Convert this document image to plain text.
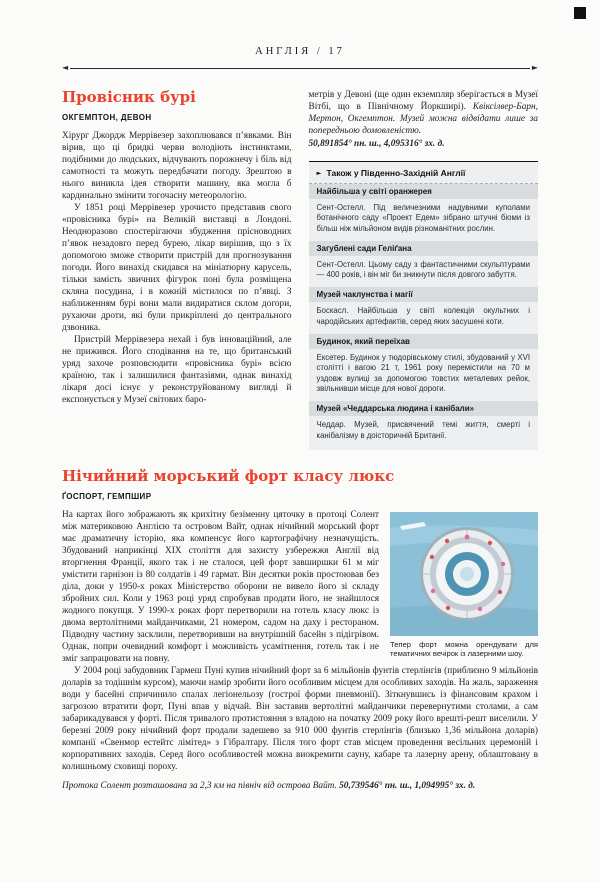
АНГЛІЯ / 17
◄	►
Провісник бурі
ОКГЕМПТОН, ДЕВОН

Хірург Джордж Меррівезер захоплювався п’явками. Він вірив, що ці бридкі черви володіють інстинктами, подібними до людських, відчувають порожнечу і біль від самотності та можуть передбачати погоду. Зрештою в нього виникла ідея створити машину, яка могла б кардинально змінити тогочасну метеорологію.

У 1851 році Меррівезер урочисто представив свого «провісника бурі» на Великій виставці в Лондоні. Неодноразово спостерігаючи збудження прісноводних п’явок незадовго перед бурею, лікар вирішив, що з їх допомогою зможе створити пристрій для прогнозування погоди. Його винахід скидався на мініатюрну карусель, тільки замість звичних фігурок поні була розміщена скляна посудина, і в кожній містилося по п’явці. З наближенням бурі вони мали видиратися склом догори, рухаючи дроти, які були прикріплені до центрального дзвоника.

Пристрій Меррівезера нехай і був інноваційний, але не прижився. Його сподівання на те, що британський уряд захоче розповсюдити «провісника бурі» всією країною, так і залишилися фантазіями, однак винахід лікаря досі існує у реконструйованому вигляді й експонується у Музеї світових баро-

метрів у Девоні (ще один екземпляр зберігається в Музеї Вітбі, що в Північному Йоркширі). Квіксілвер-Барн, Мертон, Окгемптон. Музей можна відвідати лише за попередньою домовленістю.

50,891854° пн. ш., 4,095316° зх. д.
► Також у Південно-Західній Англії
Найбільша у світі оранжерея
Сент-Остелл. Під величезними надувними куполами ботанічного саду «Проект Едем» зібрано штучні біоми із більш ніж мільйоном видів різноманітних рослин.
Загублені сади Геліґана
Сент-Остелл. Цьому саду з фантастичними скульптурами — 400 років, і він міг би зникнути після довгого забуття.
Музей чаклунства і магії
Боскасл. Найбільша у світі колекція окультних і чародійських артефактів, серед яких засушені коти.
Будинок, який переїхав
Ексетер. Будинок у тюдорівському стилі, збудований у XVI столітті і вагою 21 т, 1961 року перемістили на 70 м уздовж вулиці за допомогою товстих металевих рейок, звільнивши місце для нової дороги.
Музей «Чеддарська людина і канібали»
Чеддар. Музей, присвячений темі життя, смерті і канібалізму в доісторичній Британії.
Нічийний морський форт класу люкс
ҐОСПОРТ, ГЕМПШИР
Тепер форт можна орендувати для тематичних вечірок із лазерними шоу.

На картах його зображають як крихітну безіменну цяточку в протоці Солент між материковою Англією та островом Вайт, однак нічийний морський форт має драматичну історію, яка компенсує його картографічну незначущість. Збудований наприкінці XIX століття для захисту узбережжя Англії від вторгнення Франції, якого так і не сталося, цей форт завширшки 61 м міг умістити гарнізон із 80 солдатів і 49 гармат. Він десятки років простоював без діла, доки у 1950-х роках Міністерство оборони не вивело його зі складу збройних сил. Коли у 1963 році уряд спробував продати його, не знайшлося жодного покупця. У 1990-х роках форт перетворили на готель класу люкс із двома вертолітними майданчиками, 21 номером, садом на даху і рестораном. Підводну частину засклили, перетворивши на внутрішній басейн з підігрівом. Однак, попри очевидний комфорт і можливість усамітнення, готель так і не зміг запрацювати на повну.

У 2004 році забудовник Гармеш Пуні купив нічийний форт за 6 мільйонів фунтів стерлінгів (приблизно 9 мільйонів доларів за тодішнім курсом), маючи намір зробити його особливим місцем для особливих заходів. На жаль, зараження води у басейні спричинило спалах легіонельозу (гострої форми пневмонії). Зіткнувшись із фінансовим крахом і загрозою втратити форт, Пуні впав у відчай. Він заставив вертолітні майданчики перевернутими столами, а сам забарикадувався у форті. Після тривалого протистояння з владою на початку 2009 року його врешті-решт виселили. У березні 2009 року нічийний форт продали задешево за 910 000 фунтів стерлінгів (близько 1,36 мільйона доларів) компанії «Свенмор естейтс лімітед» з Гібралтару. Після того форт став місцем проведення весільних церемоній і корпоративних заходів. Серед його особливостей можна виокремити сауну, кабаре та лазерну арену, облаштовану в колишньому сховищі пороху.

Протока Солент розташована за 2,3 км на північ від острова Вайт. 50,739546° пн. ш., 1,094995° зх. д.
